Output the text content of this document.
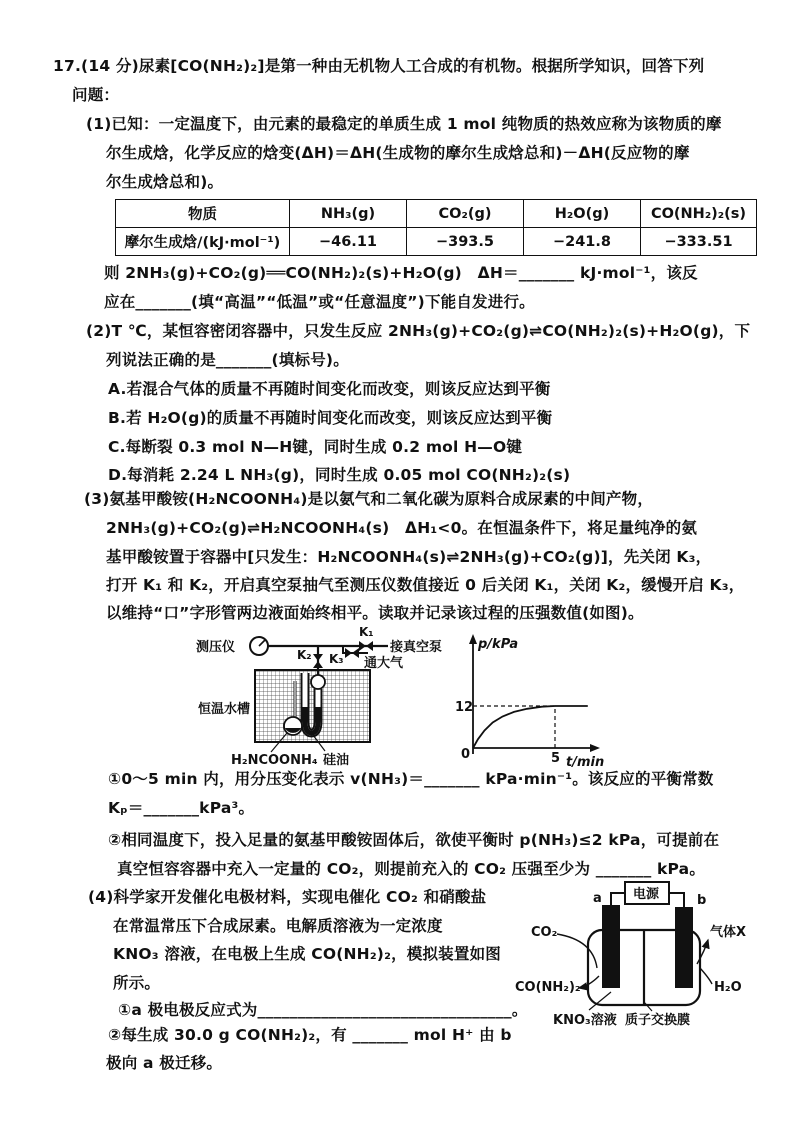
17.(14 分)尿素[CO(NH₂)₂]是第一种由无机物人工合成的有机物。根据所学知识，回答下列
问题：
(1)已知：一定温度下，由元素的最稳定的单质生成 1 mol 纯物质的热效应称为该物质的摩
尔生成焓，化学反应的焓变(ΔH)＝ΔH(生成物的摩尔生成焓总和)－ΔH(反应物的摩
尔生成焓总和)。
物质	NH₃(g)	CO₂(g)	H₂O(g)	CO(NH₂)₂(s)
摩尔生成焓/(kJ·mol⁻¹)	−46.11	−393.5	−241.8	−333.51
则 2NH₃(g)+CO₂(g)══CO(NH₂)₂(s)+H₂O(g)　ΔH＝_______ kJ·mol⁻¹，该反
应在_______(填“高温”“低温”或“任意温度”)下能自发进行。
(2)T ℃，某恒容密闭容器中，只发生反应 2NH₃(g)+CO₂(g)⇌CO(NH₂)₂(s)+H₂O(g)，下
列说法正确的是_______(填标号)。
A.若混合气体的质量不再随时间变化而改变，则该反应达到平衡
B.若 H₂O(g)的质量不再随时间变化而改变，则该反应达到平衡
C.每断裂 0.3 mol N—H键，同时生成 0.2 mol H—O键
D.每消耗 2.24 L NH₃(g)，同时生成 0.05 mol CO(NH₂)₂(s)
(3)氨基甲酸铵(H₂NCOONH₄)是以氨气和二氧化碳为原料合成尿素的中间产物，
2NH₃(g)+CO₂(g)⇌H₂NCOONH₄(s)　ΔH₁<0。在恒温条件下，将足量纯净的氨
基甲酸铵置于容器中[只发生：H₂NCOONH₄(s)⇌2NH₃(g)+CO₂(g)]，先关闭 K₃，
打开 K₁ 和 K₂，开启真空泵抽气至测压仪数值接近 0 后关闭 K₁，关闭 K₂，缓慢开启 K₃，
以维持“口”字形管两边液面始终相平。读取并记录该过程的压强数值(如图)。
测压仪
K₁
接真空泵
K₃ 通大气
K₂
恒温水槽
H₂NCOONH₄ 硅油
p/kPa
12
0	5 t/min
①0～5 min 内，用分压变化表示 v(NH₃)＝_______ kPa·min⁻¹。该反应的平衡常数
Kₚ＝_______kPa³。
②相同温度下，投入足量的氨基甲酸铵固体后，欲使平衡时 p(NH₃)≤2 kPa，可提前在
真空恒容容器中充入一定量的 CO₂，则提前充入的 CO₂ 压强至少为 _______ kPa。
(4)科学家开发催化电极材料，实现电催化 CO₂ 和硝酸盐
在常温常压下合成尿素。电解质溶液为一定浓度
KNO₃ 溶液，在电极上生成 CO(NH₂)₂，模拟装置如图
所示。
①a 极电极反应式为________________________________。
②每生成 30.0 g CO(NH₂)₂，有 _______ mol H⁺ 由 b
极向 a 极迁移。
电源
a	b
CO₂
CO(NH₂)₂
气体X
H₂O
KNO₃溶液 质子交换膜
